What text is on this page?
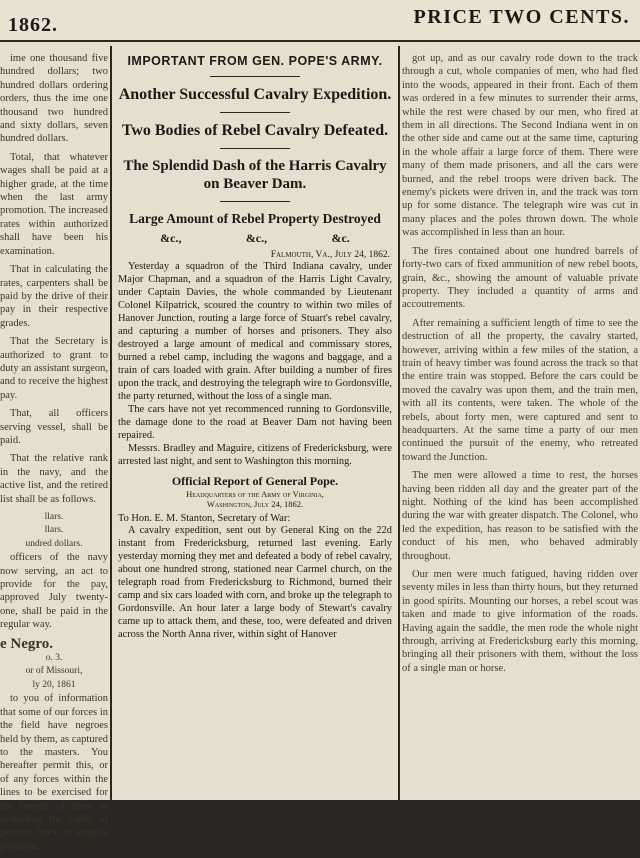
1862.	PRICE TWO CENTS.

ime one thousand five hundred dollars; two hundred dollars ordering orders, thus the ime one thousand two hundred and sixty dollars, seven hundred dollars.

Total, that whatever wages shall be paid at a higher grade, at the time when the last army promotion. The increased rates within authorized shall have been his examination.

That in calculating the rates, carpenters shall be paid by the drive of their pay in their respective grades.

That the Secretary is authorized to grant to duty an assistant surgeon, and to receive the highest pay.

That, all officers serving vessel, shall be paid.

That the relative rank in the navy, and the active list, and the retired list shall be as follows.

llars.

llars.

undred dollars.

officers of the navy now serving, an act to provide for the pay, approved July twenty-one, shall be paid in the regular way.

e Negro.

o. 3.

or of Missouri,

ly 20, 1861

to you of information that some of our forces in the field have negroes held by them, as captured to the masters. You hereafter permit this, or of any forces within the lines to be exercised for the benefit of them in protecting the rights of persons lines, to employ positions.

IMPORTANT FROM GEN. POPE'S ARMY.

Another Successful Cavalry Expedition.

Two Bodies of Rebel Cavalry Defeated.

The Splendid Dash of the Harris Cavalry on Beaver Dam.

Large Amount of Rebel Property Destroyed

&c.,	&c.,	&c.

Falmouth, Va., July 24, 1862.

Yesterday a squadron of the Third Indiana cavalry, under Major Chapman, and a squadron of the Harris Light Cavalry, under Captain Davies, the whole commanded by Lieutenant Colonel Kilpatrick, scoured the country to within two miles of Hanover Junction, routing a large force of Stuart's rebel cavalry, and capturing a number of horses and prisoners. They also destroyed a large amount of medical and commissary stores, burned a rebel camp, including the wagons and baggage, and a train of cars loaded with grain. After building a number of fires upon the track, and destroying the telegraph wire to Gordonsville, the party returned, without the loss of a single man.

The cars have not yet recommenced running to Gordonsville, the damage done to the road at Beaver Dam not having been repaired.

Messrs. Bradley and Maguire, citizens of Fredericksburg, were arrested last night, and sent to Washington this morning.

Official Report of General Pope.

Headquarters of the Army of Virginia,

Washington, July 24, 1862.

To Hon. E. M. Stanton, Secretary of War:

A cavalry expedition, sent out by General King on the 22d instant from Fredericksburg, returned last evening. Early yesterday morning they met and defeated a body of rebel cavalry, about one hundred strong, stationed near Carmel church, on the telegraph road from Fredericksburg to Richmond, burned their camp and six cars loaded with corn, and broke up the telegraph to Gordonsville. An hour later a large body of Stewart's cavalry came up to attack them, and these, too, were defeated and driven across the North Anna river, within sight of Hanover

got up, and as our cavalry rode down to the track through a cut, whole companies of men, who had fled into the woods, appeared in their front. Each of them was ordered in a few minutes to surrender their arms, while the rest were chased by our men, who fired at them in all directions. The Second Indiana went in on the other side and came out at the same time, capturing in the whole affair a large force of them. There were many of them made prisoners, and all the cars were burned, and the rebel troops were driven back. The enemy's pickets were driven in, and the track was torn up for some distance. The telegraph wire was cut in many places and the poles thrown down. The whole was accomplished in less than an hour.

The fires contained about one hundred barrels of forty-two cars of fixed ammunition of new rebel boots, grain, &c., showing the amount of valuable private property. They included a quantity of arms and accoutrements.

After remaining a sufficient length of time to see the destruction of all the property, the cavalry started, however, arriving within a few miles of the station, a train of heavy timber was found across the track so that the entire train was stopped. Before the cars could be moved the cavalry was upon them, and the train men, with all its contents, were taken. The whole of the rebels, about forty men, were captured and sent to headquarters. At the same time a party of our men continued the pursuit of the enemy, who retreated toward the Junction.

The men were allowed a time to rest, the horses having been ridden all day and the greater part of the night. Nothing of the kind has been accomplished during the war with greater dispatch. The Colonel, who led the expedition, has reason to be satisfied with the conduct of his men, who behaved admirably throughout.

Our men were much fatigued, having ridden over seventy miles in less than thirty hours, but they returned in good spirits. Mounting our horses, a rebel scout was taken and made to give information of the roads. Having again the saddle, the men rode the whole night through, arriving at Fredericksburg early this morning, bringing all their prisoners with them, without the loss of a single man or horse.
